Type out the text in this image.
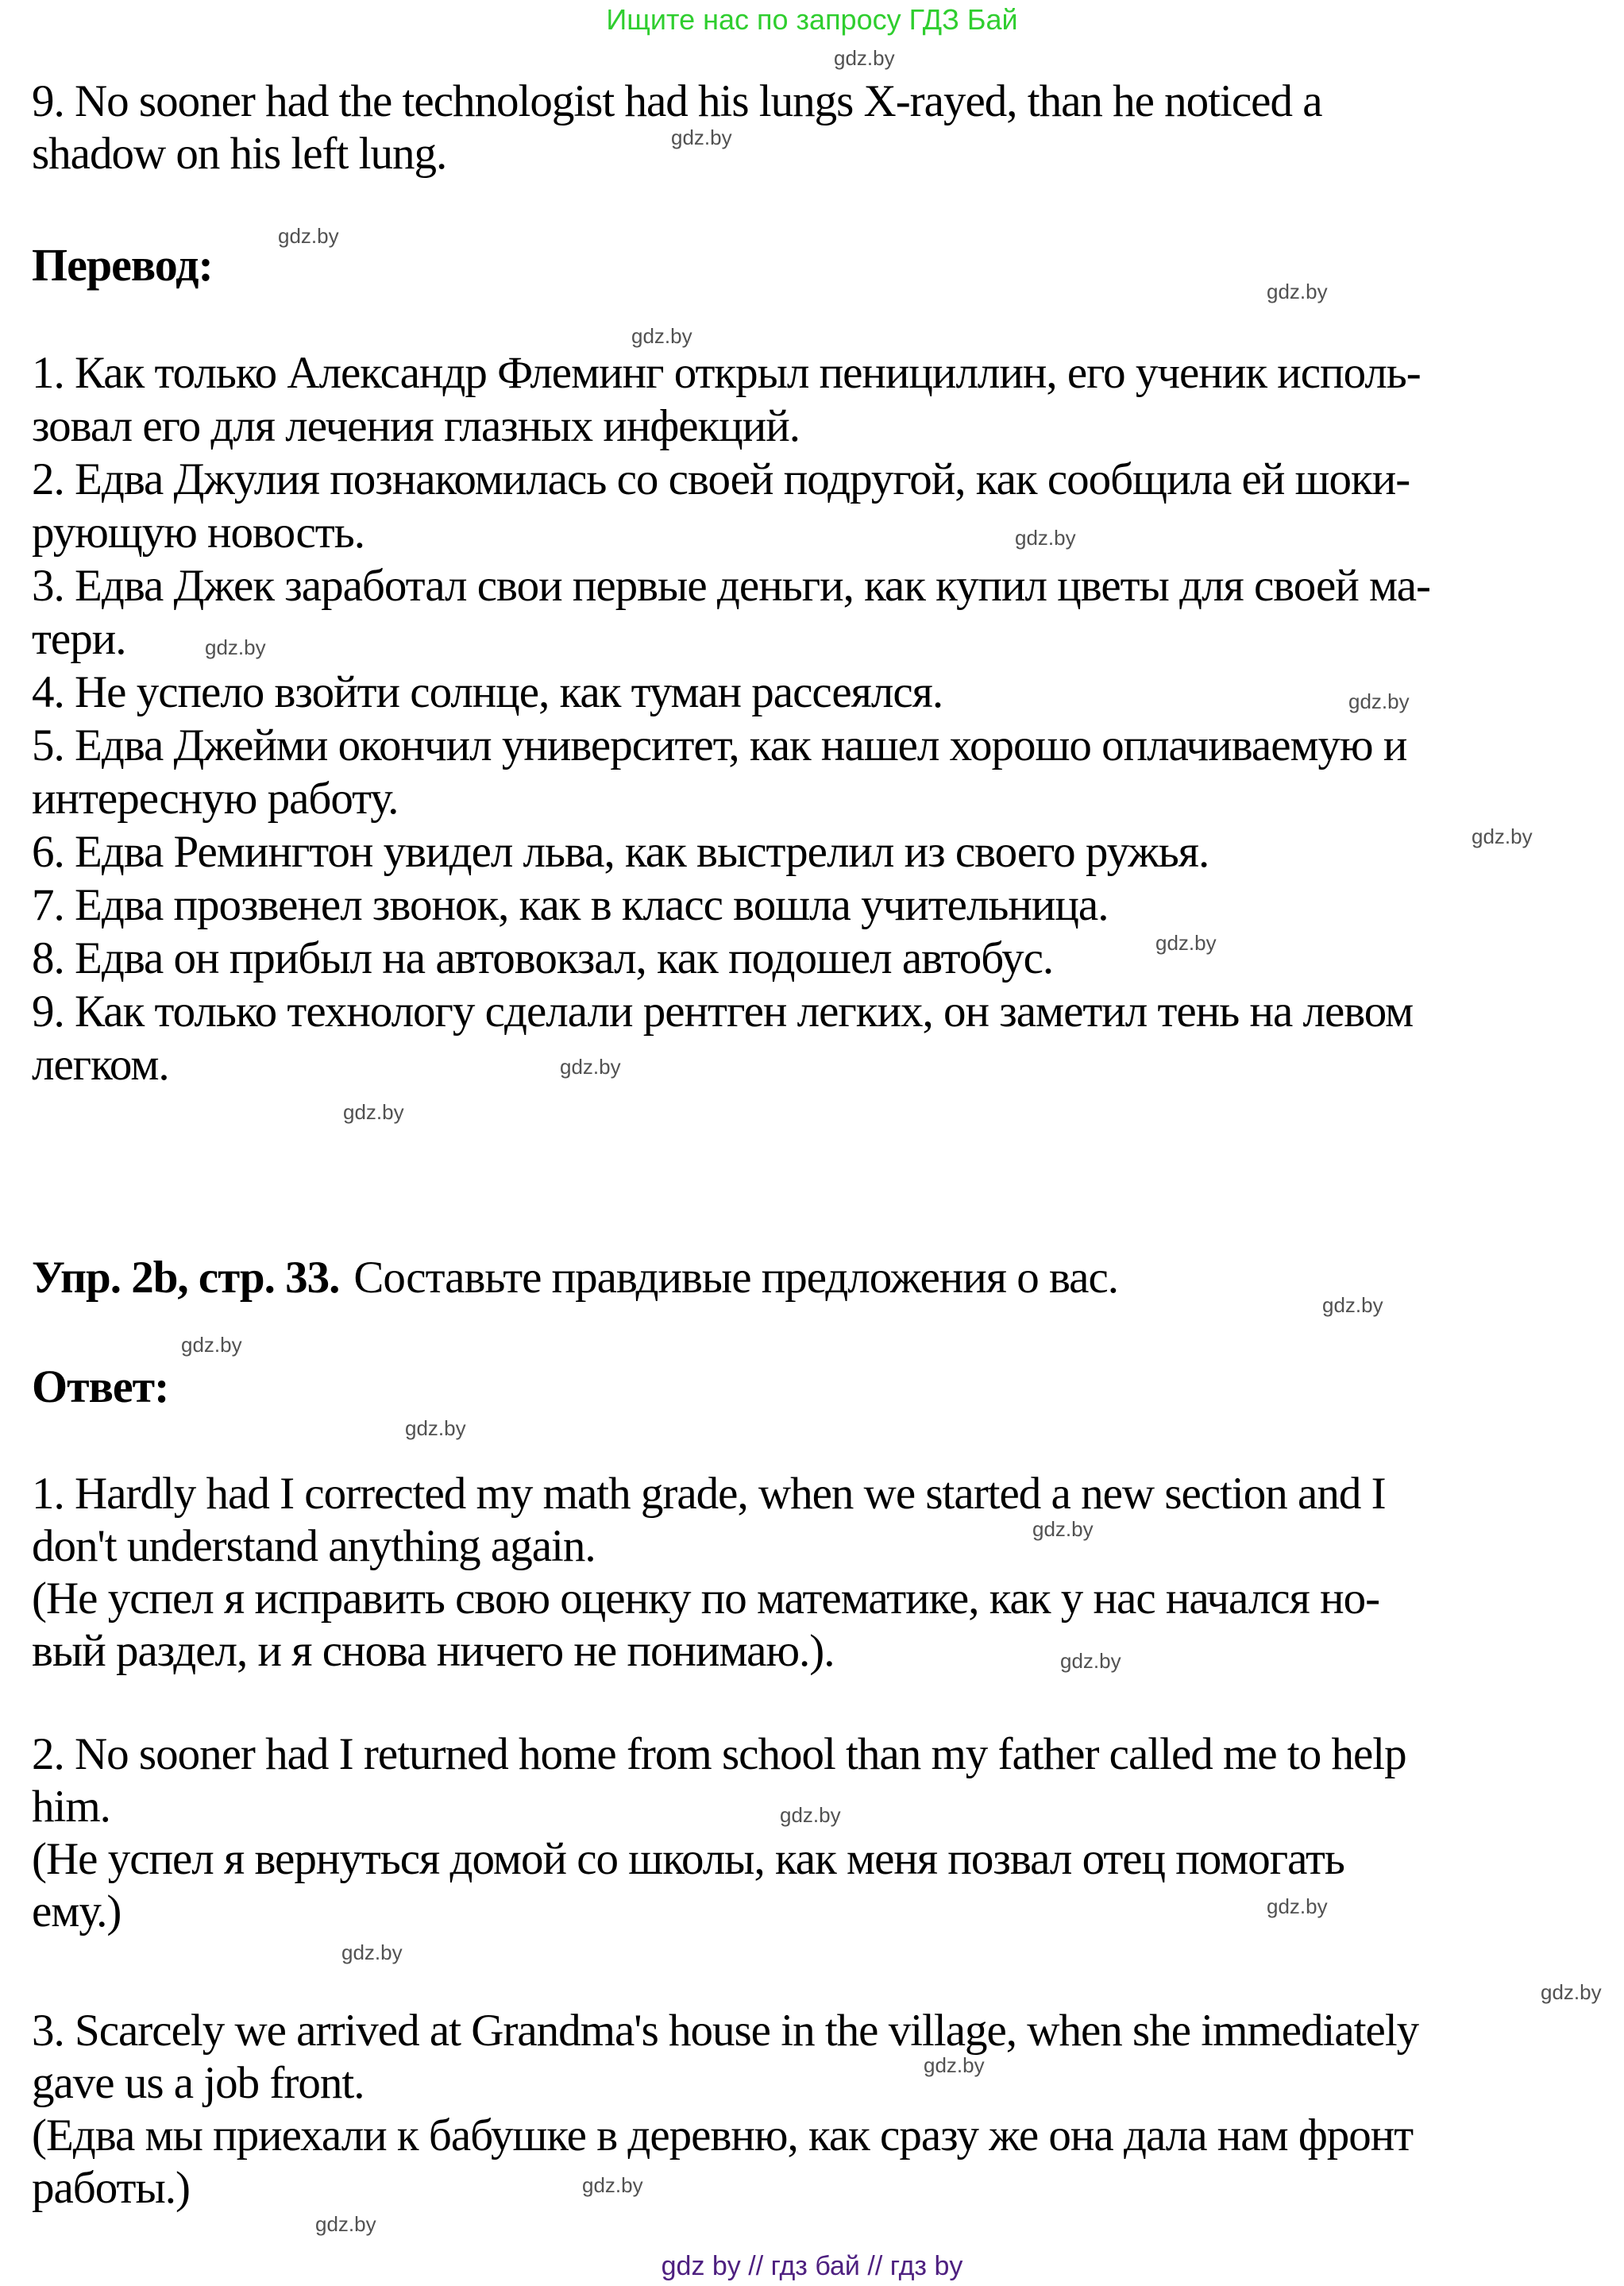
Ищите нас по запросу ГДЗ Бай
9. No sooner had the technologist had his lungs X-rayed, than he noticed a
shadow on his left lung.
Перевод:
1. Как только Александр Флеминг открыл пенициллин, его ученик исполь-
зовал его для лечения глазных инфекций.
2. Едва Джулия познакомилась со своей подругой, как сообщила ей шоки-
рующую новость.
3. Едва Джек заработал свои первые деньги, как купил цветы для своей ма-
тери.
4. Не успело взойти солнце, как туман рассеялся.
5. Едва Джейми окончил университет, как нашел хорошо оплачиваемую и
интересную работу.
6. Едва Ремингтон увидел льва, как выстрелил из своего ружья.
7. Едва прозвенел звонок, как в класс вошла учительница.
8. Едва он прибыл на автовокзал, как подошел автобус.
9. Как только технологу сделали рентген легких, он заметил тень на левом
легком.
Упр. 2b, стр. 33. Составьте правдивые предложения о вас.
Ответ:
1. Hardly had I corrected my math grade, when we started a new section and I
don't understand anything again.
(Не успел я исправить свою оценку по математике, как у нас начался но-
вый раздел, и я снова ничего не понимаю.).
2. No sooner had I returned home from school than my father called me to help
him.
(Не успел я вернуться домой со школы, как меня позвал отец помогать
ему.)
3. Scarcely we arrived at Grandma's house in the village, when she immediately
gave us a job front.
(Едва мы приехали к бабушке в деревню, как сразу же она дала нам фронт
работы.)
gdz.by
gdz.by
gdz.by
gdz.by
gdz.by
gdz.by
gdz.by
gdz.by
gdz.by
gdz.by
gdz.by
gdz.by
gdz.by
gdz.by
gdz.by
gdz.by
gdz.by
gdz.by
gdz.by
gdz.by
gdz.by
gdz.by
gdz.by
gdz.by
gdz by // гдз бай // гдз by
